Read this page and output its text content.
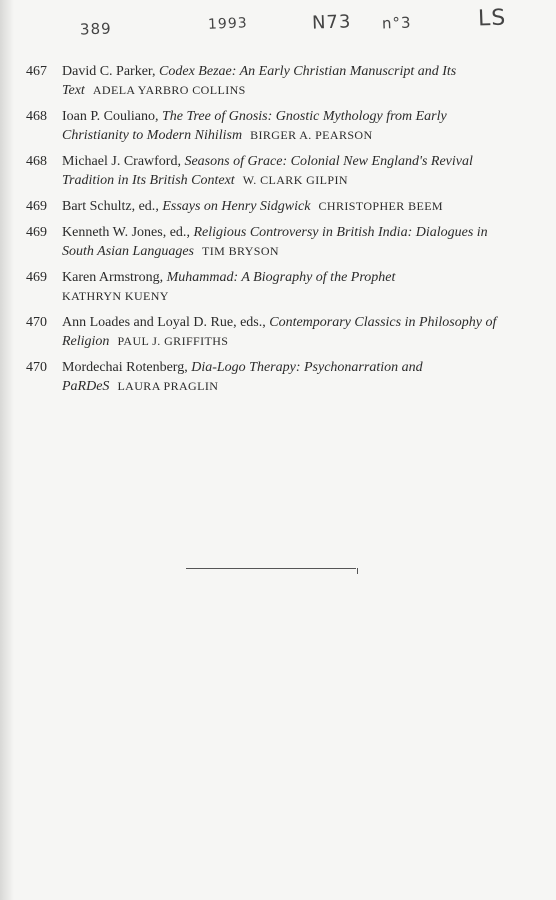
389	1993	N73 n°3	LS
467	David C. Parker, Codex Bezae: An Early Christian Manuscript and Its Text ADELA YARBRO COLLINS
468	Ioan P. Couliano, The Tree of Gnosis: Gnostic Mythology from Early Christianity to Modern Nihilism BIRGER A. PEARSON
468	Michael J. Crawford, Seasons of Grace: Colonial New England's Revival Tradition in Its British Context W. CLARK GILPIN
469	Bart Schultz, ed., Essays on Henry Sidgwick CHRISTOPHER BEEM
469	Kenneth W. Jones, ed., Religious Controversy in British India: Dialogues in South Asian Languages TIM BRYSON
469	Karen Armstrong, Muhammad: A Biography of the Prophet
KATHRYN KUENY
470	Ann Loades and Loyal D. Rue, eds., Contemporary Classics in Philosophy of Religion PAUL J. GRIFFITHS
470	Mordechai Rotenberg, Dia-Logo Therapy: Psychonarration and PaRDeS LAURA PRAGLIN
